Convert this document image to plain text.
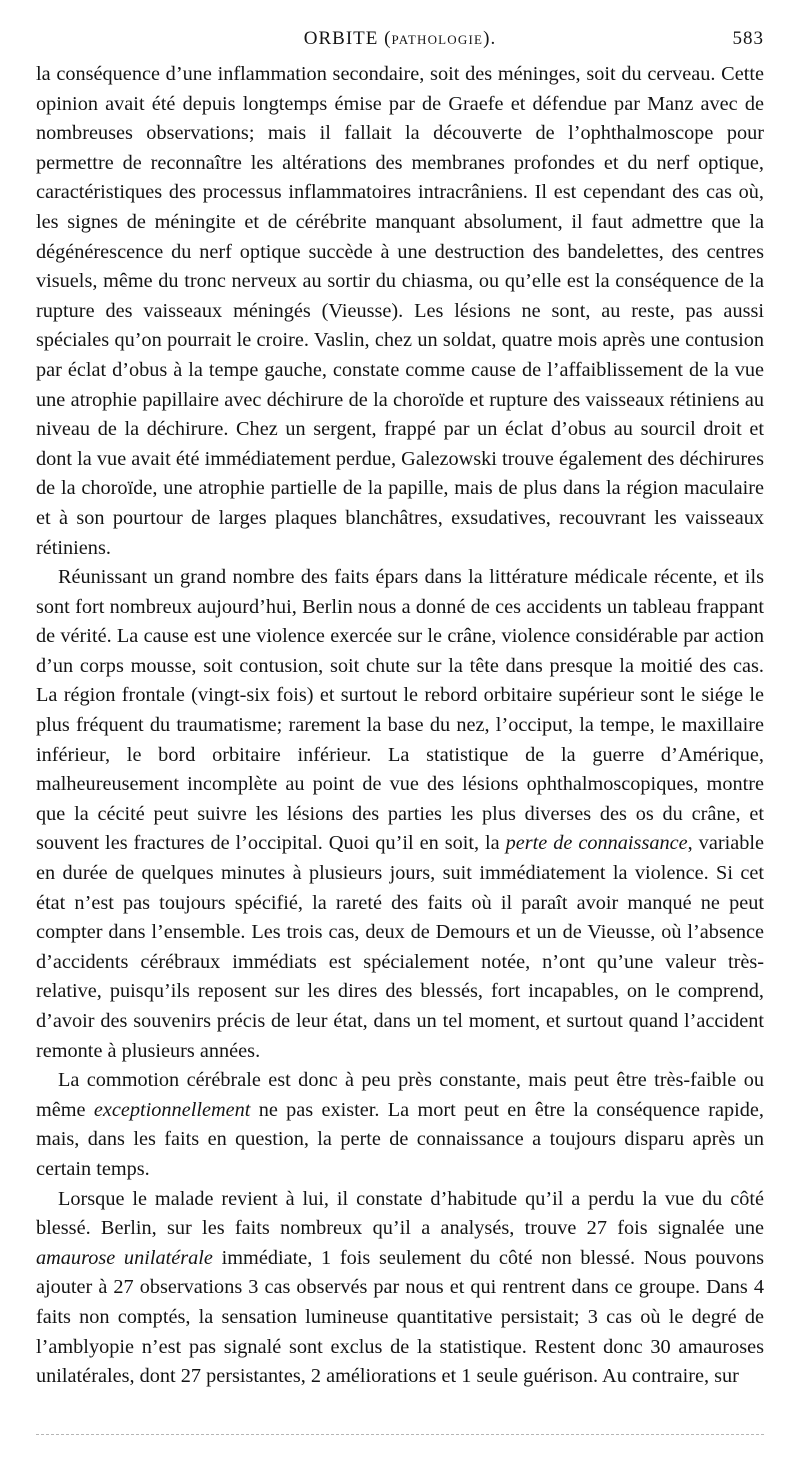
ORBITE (PATHOLOGIE).	583

la conséquence d’une inflammation secondaire, soit des méninges, soit du cerveau. Cette opinion avait été depuis longtemps émise par de Graefe et défendue par Manz avec de nombreuses observations; mais il fallait la découverte de l’ophthalmoscope pour permettre de reconnaître les altérations des membranes profondes et du nerf optique, caractéristiques des processus inflammatoires intracrâniens. Il est cependant des cas où, les signes de méningite et de cérébrite manquant absolument, il faut admettre que la dégénérescence du nerf optique succède à une destruction des bandelettes, des centres visuels, même du tronc nerveux au sortir du chiasma, ou qu’elle est la conséquence de la rupture des vaisseaux méningés (Vieusse). Les lésions ne sont, au reste, pas aussi spéciales qu’on pourrait le croire. Vaslin, chez un soldat, quatre mois après une contusion par éclat d’obus à la tempe gauche, constate comme cause de l’affaiblissement de la vue une atrophie papillaire avec déchirure de la choroïde et rupture des vaisseaux rétiniens au niveau de la déchirure. Chez un sergent, frappé par un éclat d’obus au sourcil droit et dont la vue avait été immédiatement perdue, Galezowski trouve également des déchirures de la choroïde, une atrophie partielle de la papille, mais de plus dans la région maculaire et à son pourtour de larges plaques blanchâtres, exsudatives, recouvrant les vaisseaux rétiniens.

Réunissant un grand nombre des faits épars dans la littérature médicale récente, et ils sont fort nombreux aujourd’hui, Berlin nous a donné de ces accidents un tableau frappant de vérité. La cause est une violence exercée sur le crâne, violence considérable par action d’un corps mousse, soit contusion, soit chute sur la tête dans presque la moitié des cas. La région frontale (vingt-six fois) et surtout le rebord orbitaire supérieur sont le siége le plus fréquent du traumatisme; rarement la base du nez, l’occiput, la tempe, le maxillaire inférieur, le bord orbitaire inférieur. La statistique de la guerre d’Amérique, malheureusement incomplète au point de vue des lésions ophthalmoscopiques, montre que la cécité peut suivre les lésions des parties les plus diverses des os du crâne, et souvent les fractures de l’occipital. Quoi qu’il en soit, la perte de connaissance, variable en durée de quelques minutes à plusieurs jours, suit immédiatement la violence. Si cet état n’est pas toujours spécifié, la rareté des faits où il paraît avoir manqué ne peut compter dans l’ensemble. Les trois cas, deux de Demours et un de Vieusse, où l’absence d’accidents cérébraux immédiats est spécialement notée, n’ont qu’une valeur très-relative, puisqu’ils reposent sur les dires des blessés, fort incapables, on le comprend, d’avoir des souvenirs précis de leur état, dans un tel moment, et surtout quand l’accident remonte à plusieurs années.

La commotion cérébrale est donc à peu près constante, mais peut être très-faible ou même exceptionnellement ne pas exister. La mort peut en être la conséquence rapide, mais, dans les faits en question, la perte de connaissance a toujours disparu après un certain temps.

Lorsque le malade revient à lui, il constate d’habitude qu’il a perdu la vue du côté blessé. Berlin, sur les faits nombreux qu’il a analysés, trouve 27 fois signalée une amaurose unilatérale immédiate, 1 fois seulement du côté non blessé. Nous pouvons ajouter à 27 observations 3 cas observés par nous et qui rentrent dans ce groupe. Dans 4 faits non comptés, la sensation lumineuse quantitative persistait; 3 cas où le degré de l’amblyopie n’est pas signalé sont exclus de la statistique. Restent donc 30 amauroses unilatérales, dont 27 persistantes, 2 améliorations et 1 seule guérison. Au contraire, sur
